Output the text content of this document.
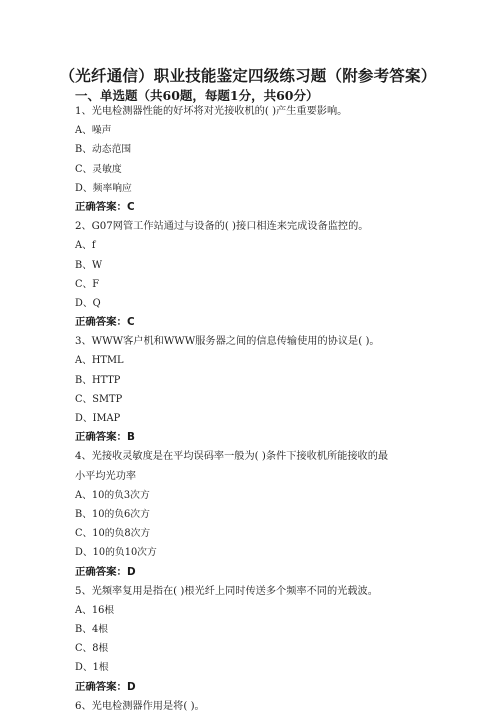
（光纤通信）职业技能鉴定四级练习题（附参考答案）
一、单选题（共60题，每题1分，共60分）
1、光电检测器性能的好坏将对光接收机的( )产生重要影响。
A、噪声
B、动态范围
C、灵敏度
D、频率响应
正确答案：C
2、G07网管工作站通过与设备的( )接口相连来完成设备监控的。
A、f
B、W
C、F
D、Q
正确答案：C
3、WWW客户机和WWW服务器之间的信息传输使用的协议是( )。
A、HTML
B、HTTP
C、SMTP
D、IMAP
正确答案：B
4、光接收灵敏度是在平均误码率一般为( )条件下接收机所能接收的最
小平均光功率
A、10的负3次方
B、10的负6次方
C、10的负8次方
D、10的负10次方
正确答案：D
5、光频率复用是指在( )根光纤上同时传送多个频率不同的光载波。
A、16根
B、4根
C、8根
D、1根
正确答案：D
6、光电检测器作用是将( )。
